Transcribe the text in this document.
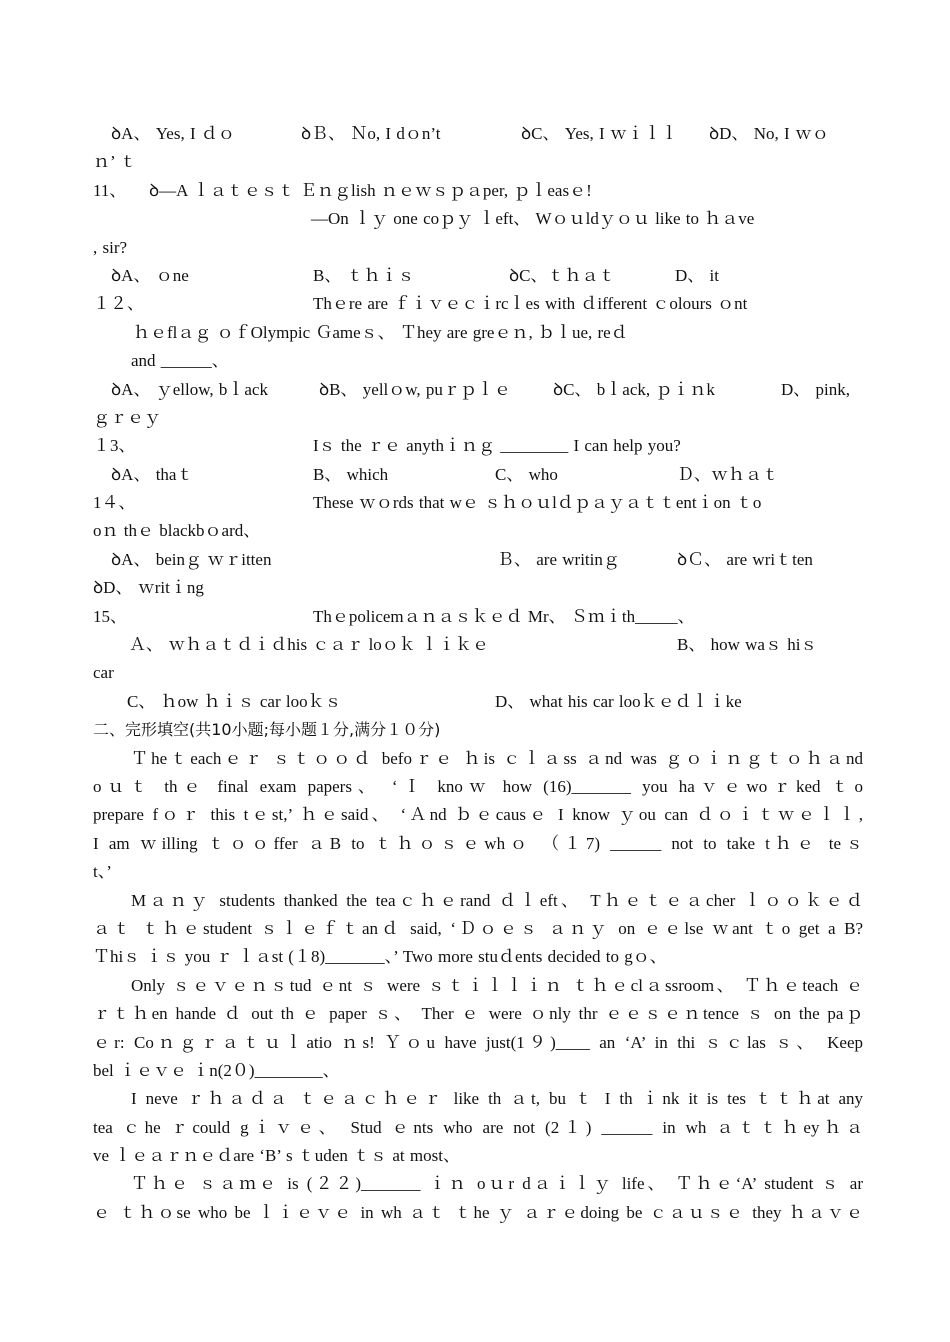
ꝺA、 Yes, I ｄｏ	ꝺＢ、 Ｎo, I dｏn’t	ꝺC、 Yes, I ｗｉｌｌ ꝺD、 No, I ｗｏ
ｎ’ ｔ
11、 ꝺ—A ｌａｔｅｓｔ Ｅｎｇlish ｎｅｗｓｐａper, ｐｌeasｅ!
—On ｌｙ one coｐｙ ｌeft、 Wｏｕldｙｏｕ like to ｈａve
, sir?
ꝺA、 ｏne	B、 ｔｈｉｓ	ꝺC、ｔｈａｔ	D、 it
１２、	Thｅre are ｆｉｖｅｃｉrcｌes with ｄifferent ｃolours ｏnt
ｈｅflａｇ ｏｆOlympic Ｇameｓ、 Ｔhey are greｅｎ, ｂｌue, reｄ
and ______、
ꝺA、 ｙellow, bｌack	ꝺB、 yellｏw, puｒｐｌｅ ꝺC、 bｌack, ｐｉｎk	D、 pink,
ｇｒｅｙ
１3、	Iｓ the ｒｅ anythｉｎｇ ________ I can help you?
ꝺA、 thaｔ	B、 which	C、 who	Ｄ、ｗｈａｔ
1４、	These ｗｏrds that wｅ ｓｈｏｕlｄｐａｙａｔｔentｉon ｔo
oｎ thｅ blackbｏard、
ꝺA、 beinｇ ｗｒitten	Ｂ、 are writinｇ	ꝺＣ、 are wriｔten
ꝺD、 ｗritｉng
15、	Thｅpolicemａｎａｓｋｅｄ Mr、 Ｓｍｉth_____、
Ａ、 ｗｈａｔｄｉｄhis ｃａｒ loｏｋ ｌｉｋｅ	B、 how waｓ hiｓ
car
C、 ｈow ｈｉｓ car looｋｓ	D、 what his car looｋｅｄｌｉke
二、完形填空(共10小题;每小题１分,满分１０分)
Ｔheｔeachｅｒ ｓｔｏｏｄ befoｒｅ ｈis ｃｌａss ａnd was ｇｏｉｎｇｔｏｈａnd
oｕｔ thｅ final exam papers、 ‘Ｉ knoｗ how (16)_______ you haｖｅwoｒked ｔo
prepare fｏｒ this tｅst,’ ｈｅsaid、 ‘Ａnd ｂｅcausｅ I know ｙou can ｄｏｉｔｗｅｌｌ,
I am ｗilling ｔｏｏffer ａB to ｔｈｏｓｅwhｏ （１7) ______ not to take tｈｅ teｓ
t、’
Mａｎｙ students thanked the teaｃｈｅrand ｄｌeft、 Tｈｅｔｅａcher ｌｏｏｋｅｄ
ａｔ ｔｈｅstudent ｓｌｅｆｔanｄ said, ‘Ｄｏｅｓ ａｎｙ on ｅｅlse ｗant ｔo get a B?
Ｔhiｓ ｉｓ you ｒ ｌａst (１8)_______、’ Two more stuｄents decided to gｏ、
Only ｓｅｖｅｎｓtud ｅnt ｓ were ｓｔｉｌｌｉｎ ｔｈｅclａssroom、 Ｔｈｅteach ｅ
ｒｔｈen hande ｄ out th ｅ paper ｓ、 Ther ｅ were ｏnly thr ｅｅｓｅｎtence ｓ on the paｐ
ｅr: Coｎｇｒａｔｕｌatio ｎs! Ｙｏu have just(1９)____ an ‘A’ in thi ｓｃlas ｓ、 Keep
bel ｉｅｖｅ ｉn(2０)________、
I neve ｒｈａｄａ ｔｅａｃｈｅｒ like th ａt, bu ｔ I th ｉnk it is tes ｔｔｈat any
tea ｃhe ｒcould gｉｖｅ、 Stud ｅnts who are not (2１) ______ in wh ａｔｔｈeyｈａ
ve ｌｅａｒｎｅｄare ‘B’ s ｔuden ｔｓ at most、
Ｔｈｅ ｓａｍｅ is (２２)_______ ｉｎ oｕr dａｉｌｙ life、 Ｔｈｅ‘A’ student ｓ ar
ｅ ｔｈｏse who be ｌｉｅｖｅ in wh ａｔ ｔhe ｙ ａｒｅdoing be ｃａｕｓｅ they ｈａｖｅ
